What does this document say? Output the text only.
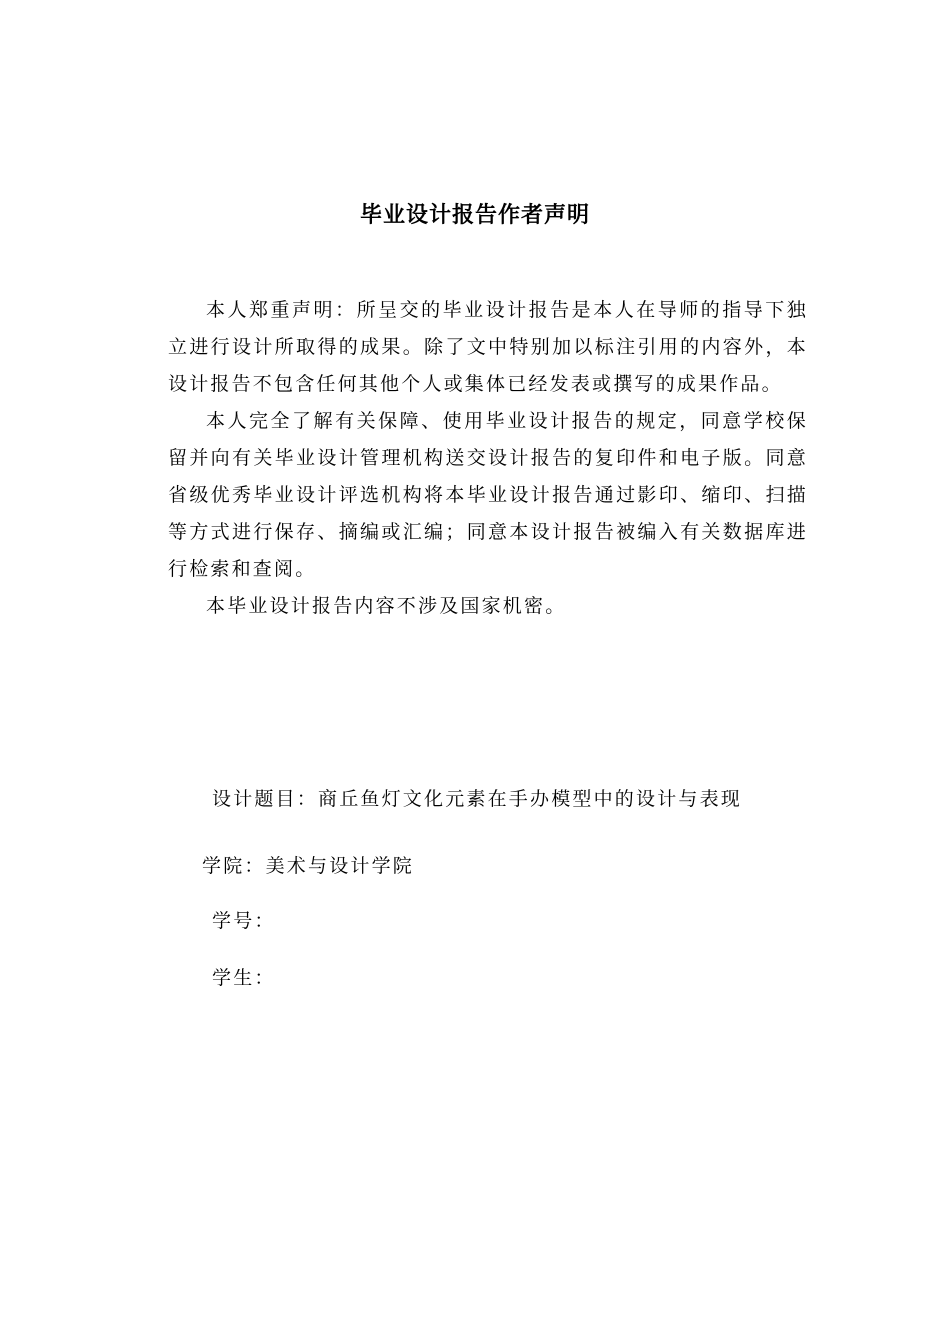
毕业设计报告作者声明

本人郑重声明：所呈交的毕业设计报告是本人在导师的指导下独立进行设计所取得的成果。除了文中特别加以标注引用的内容外，本设计报告不包含任何其他个人或集体已经发表或撰写的成果作品。

本人完全了解有关保障、使用毕业设计报告的规定，同意学校保留并向有关毕业设计管理机构送交设计报告的复印件和电子版。同意省级优秀毕业设计评选机构将本毕业设计报告通过影印、缩印、扫描等方式进行保存、摘编或汇编；同意本设计报告被编入有关数据库进行检索和查阅。

本毕业设计报告内容不涉及国家机密。

设计题目：商丘鱼灯文化元素在手办模型中的设计与表现

学院：美术与设计学院

学号：

学生：
